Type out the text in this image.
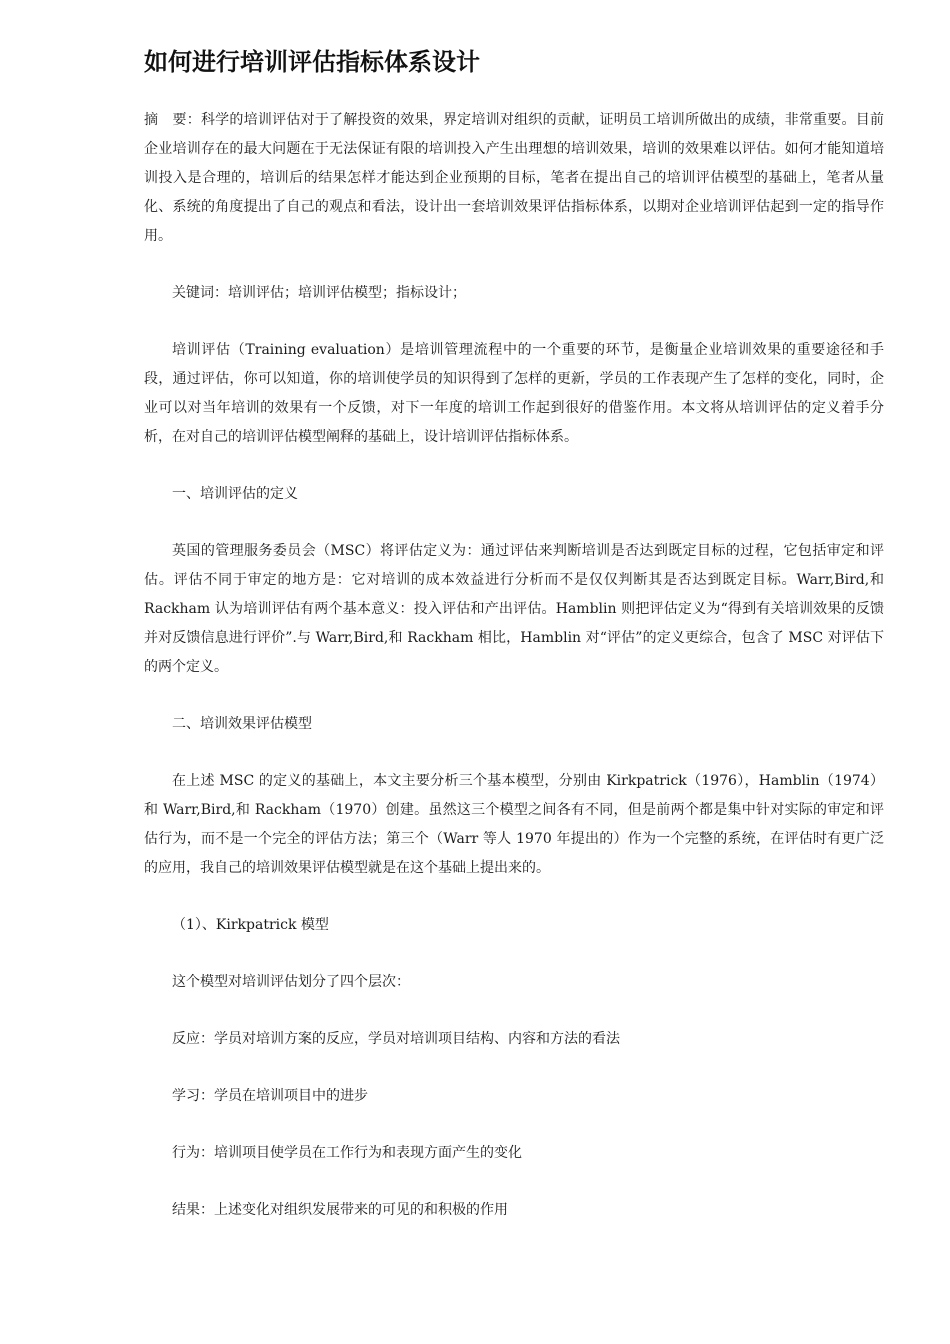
如何进行培训评估指标体系设计

摘　要：科学的培训评估对于了解投资的效果，界定培训对组织的贡献，证明员工培训所做出的成绩，非常重要。目前企业培训存在的最大问题在于无法保证有限的培训投入产生出理想的培训效果，培训的效果难以评估。如何才能知道培训投入是合理的，培训后的结果怎样才能达到企业预期的目标，笔者在提出自己的培训评估模型的基础上，笔者从量化、系统的角度提出了自己的观点和看法，设计出一套培训效果评估指标体系，以期对企业培训评估起到一定的指导作用。

关键词：培训评估；培训评估模型；指标设计；

培训评估（Training evaluation）是培训管理流程中的一个重要的环节，是衡量企业培训效果的重要途径和手段，通过评估，你可以知道，你的培训使学员的知识得到了怎样的更新，学员的工作表现产生了怎样的变化，同时，企业可以对当年培训的效果有一个反馈，对下一年度的培训工作起到很好的借鉴作用。本文将从培训评估的定义着手分析，在对自己的培训评估模型阐释的基础上，设计培训评估指标体系。

一、培训评估的定义

英国的管理服务委员会（MSC）将评估定义为：通过评估来判断培训是否达到既定目标的过程，它包括审定和评估。评估不同于审定的地方是：它对培训的成本效益进行分析而不是仅仅判断其是否达到既定目标。Warr,Bird,和Rackham 认为培训评估有两个基本意义：投入评估和产出评估。Hamblin 则把评估定义为“得到有关培训效果的反馈并对反馈信息进行评价”.与 Warr,Bird,和 Rackham 相比，Hamblin 对“评估”的定义更综合，包含了 MSC 对评估下的两个定义。

二、培训效果评估模型

在上述 MSC 的定义的基础上，本文主要分析三个基本模型，分别由 Kirkpatrick（1976），Hamblin（1974）和 Warr,Bird,和 Rackham（1970）创建。虽然这三个模型之间各有不同，但是前两个都是集中针对实际的审定和评估行为，而不是一个完全的评估方法；第三个（Warr 等人 1970 年提出的）作为一个完整的系统，在评估时有更广泛的应用，我自己的培训效果评估模型就是在这个基础上提出来的。

（1）、Kirkpatrick 模型

这个模型对培训评估划分了四个层次：

反应：学员对培训方案的反应，学员对培训项目结构、内容和方法的看法

学习：学员在培训项目中的进步

行为：培训项目使学员在工作行为和表现方面产生的变化

结果：上述变化对组织发展带来的可见的和积极的作用
